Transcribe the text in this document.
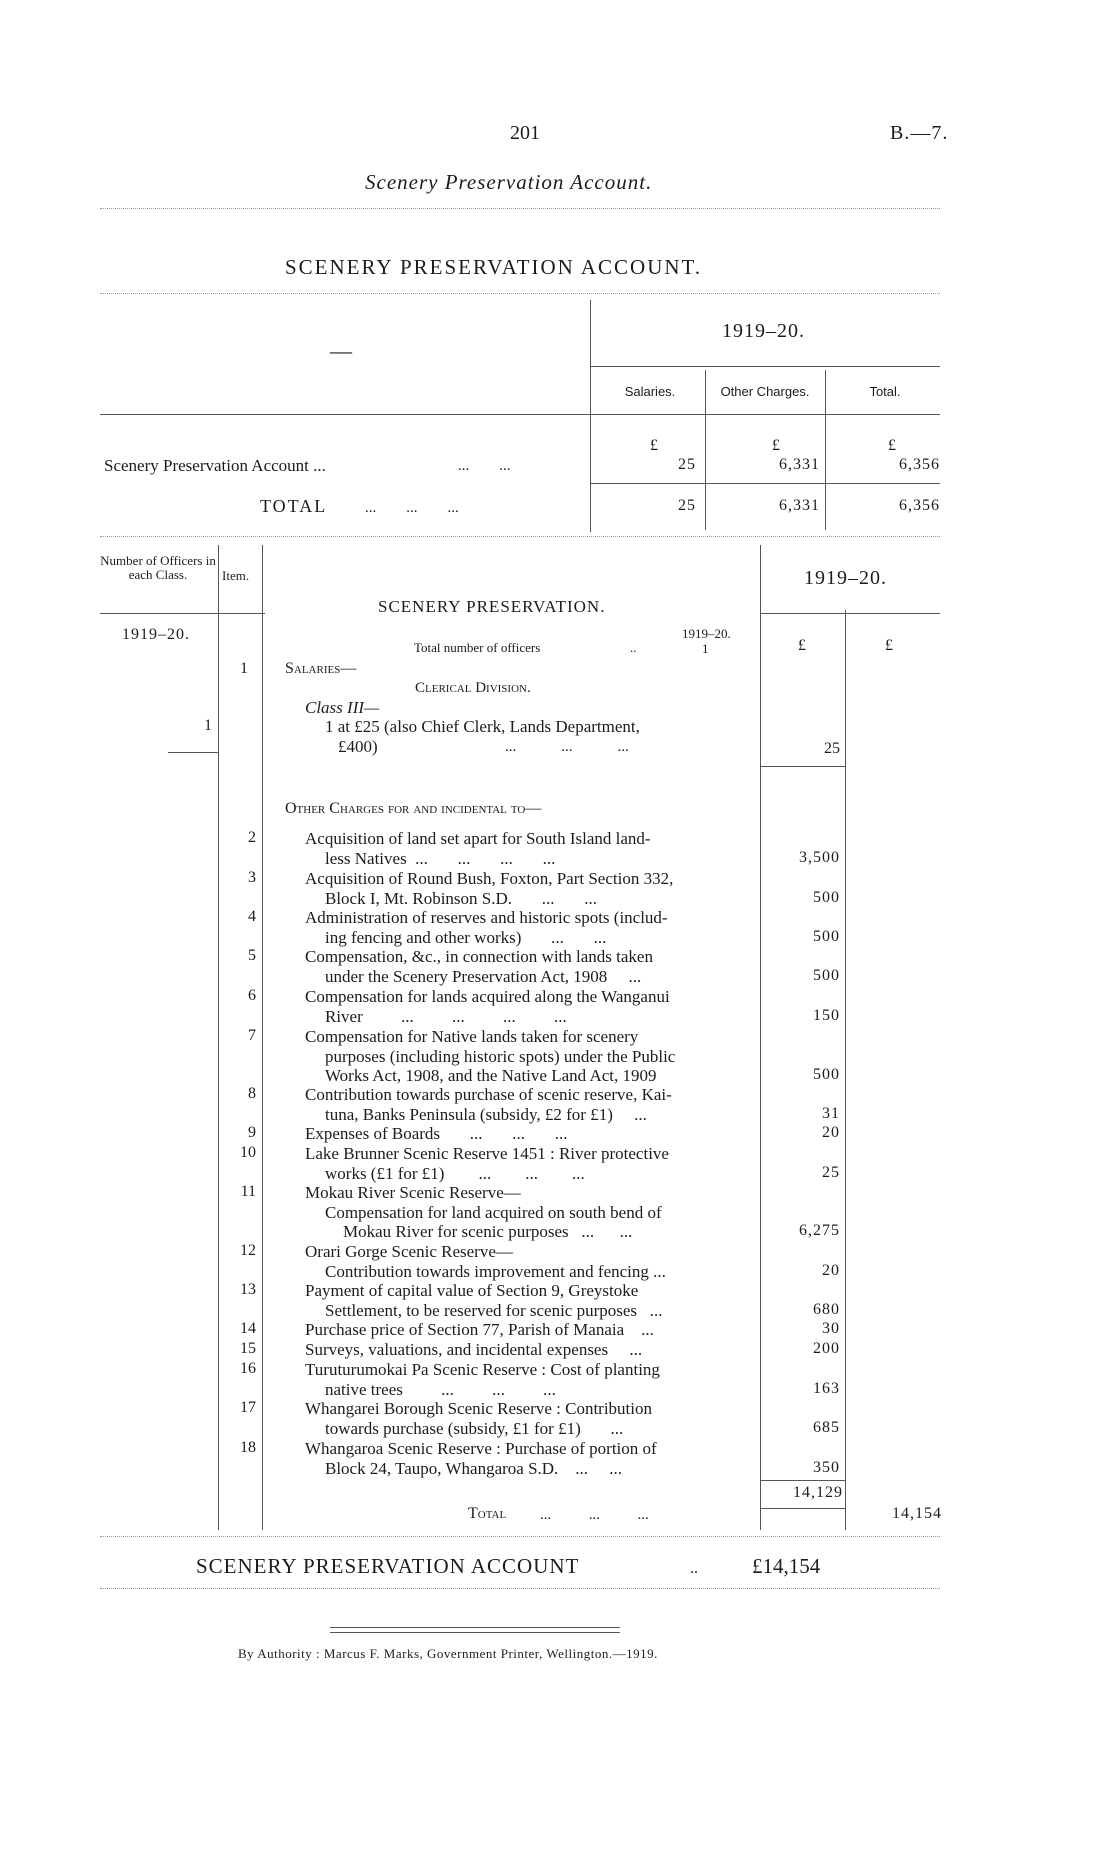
201	B.—7.
Scenery Preservation Account.
SCENERY PRESERVATION ACCOUNT.
—
1919–20.
Salaries.	Other Charges.	Total.
£	£	£
Scenery Preservation Account ...	...        ...	25	6,331	6,356
TOTAL	...        ...        ...	25	6,331	6,356
Number of Officers in each Class.	Item.
SCENERY PRESERVATION.
1919–20.
1919–20.	1919–20.
Total number of officers	..	1	£	£
1 Salaries—
Clerical Division.
Class III—
1	1 at £25 (also Chief Clerk, Lands Department,
£400)	...            ...            ...	25
Other Charges for and incidental to—
2	Acquisition of land set apart for South Island land-
less Natives  ...       ...       ...       ...	3,500
3	Acquisition of Round Bush, Foxton, Part Section 332,
Block I, Mt. Robinson S.D.       ...       ...	500
4	Administration of reserves and historic spots (includ-
ing fencing and other works)       ...       ...	500
5	Compensation, &c., in connection with lands taken
under the Scenery Preservation Act, 1908     ...	500
6	Compensation for lands acquired along the Wanganui
River         ...         ...         ...         ...	150
7	Compensation for Native lands taken for scenery
purposes (including historic spots) under the Public
Works Act, 1908, and the Native Land Act, 1909	500
8	Contribution towards purchase of scenic reserve, Kai-
tuna, Banks Peninsula (subsidy, £2 for £1)     ...	31
9	Expenses of Boards       ...       ...       ...	20
10	Lake Brunner Scenic Reserve 1451 : River protective
works (£1 for £1)        ...        ...        ...	25
11	Mokau River Scenic Reserve—
Compensation for land acquired on south bend of
Mokau River for scenic purposes   ...      ...	6,275
12	Orari Gorge Scenic Reserve—
Contribution towards improvement and fencing ...	20
13	Payment of capital value of Section 9, Greystoke
Settlement, to be reserved for scenic purposes   ...	680
14	Purchase price of Section 77, Parish of Manaia    ...	30
15	Surveys, valuations, and incidental expenses     ...	200
16	Turuturumokai Pa Scenic Reserve : Cost of planting
native trees         ...         ...         ...	163
17	Whangarei Borough Scenic Reserve : Contribution
towards purchase (subsidy, £1 for £1)       ...	685
18	Whangaroa Scenic Reserve : Purchase of portion of
Block 24, Taupo, Whangaroa S.D.    ...     ...	350
14,129
Total ...          ...          ...	14,154
SCENERY PRESERVATION ACCOUNT	..	£14,154
By Authority : Marcus F. Marks, Government Printer, Wellington.—1919.
